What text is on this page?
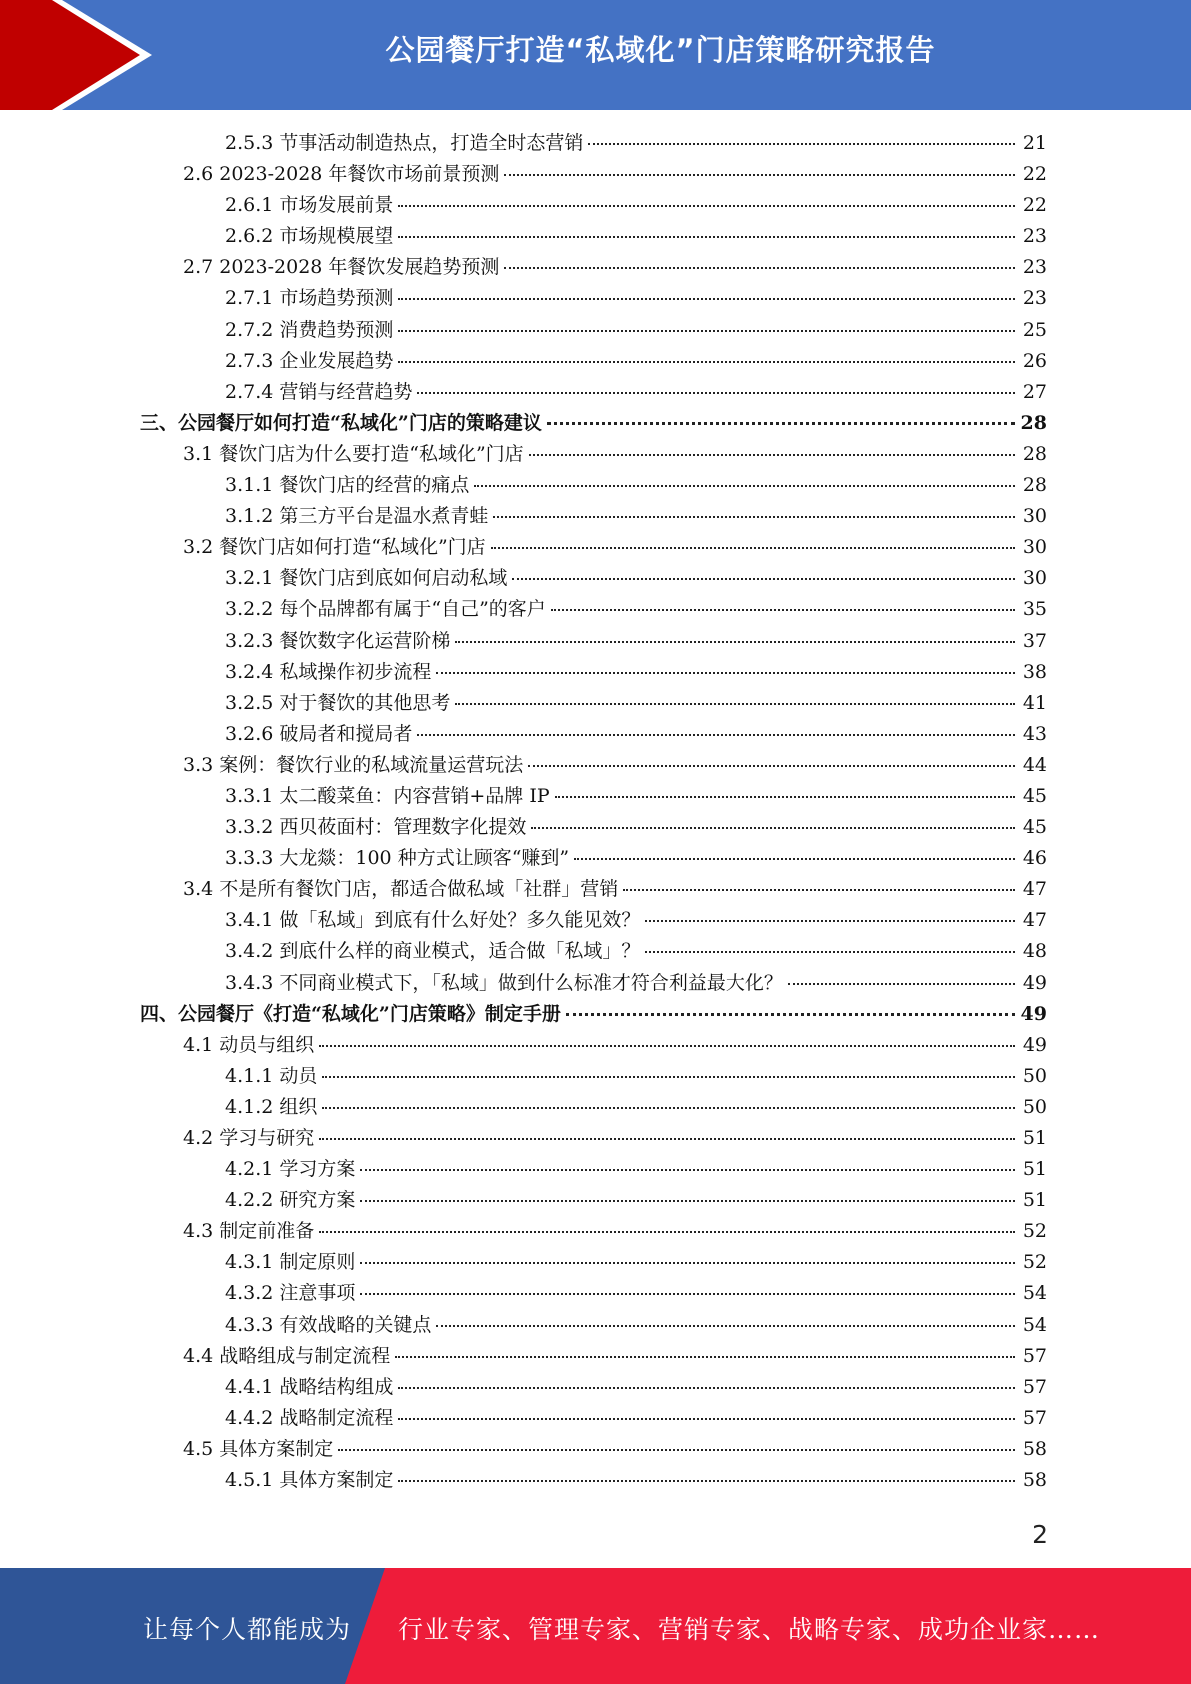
公园餐厅打造“私域化”门店策略研究报告
2.5.3 节事活动制造热点，打造全时态营销	21
2.6 2023-2028 年餐饮市场前景预测	22
2.6.1 市场发展前景	22
2.6.2 市场规模展望	23
2.7 2023-2028 年餐饮发展趋势预测	23
2.7.1 市场趋势预测	23
2.7.2 消费趋势预测	25
2.7.3 企业发展趋势	26
2.7.4 营销与经营趋势	27
三、公园餐厅如何打造“私域化”门店的策略建议	28
3.1 餐饮门店为什么要打造“私域化”门店	28
3.1.1 餐饮门店的经营的痛点	28
3.1.2 第三方平台是温水煮青蛙	30
3.2 餐饮门店如何打造“私域化”门店	30
3.2.1 餐饮门店到底如何启动私域	30
3.2.2 每个品牌都有属于“自己”的客户	35
3.2.3 餐饮数字化运营阶梯	37
3.2.4 私域操作初步流程	38
3.2.5 对于餐饮的其他思考	41
3.2.6 破局者和搅局者	43
3.3 案例：餐饮行业的私域流量运营玩法	44
3.3.1 太二酸菜鱼：内容营销+品牌 IP	45
3.3.2 西贝莜面村：管理数字化提效	45
3.3.3 大龙燚：100 种方式让顾客“赚到”	46
3.4 不是所有餐饮门店，都适合做私域「社群」营销	47
3.4.1 做「私域」到底有什么好处？多久能见效？	47
3.4.2 到底什么样的商业模式，适合做「私域」？	48
3.4.3 不同商业模式下，「私域」做到什么标准才符合利益最大化？	49
四、公园餐厅《打造“私域化”门店策略》制定手册	49
4.1 动员与组织	49
4.1.1 动员	50
4.1.2 组织	50
4.2 学习与研究	51
4.2.1 学习方案	51
4.2.2 研究方案	51
4.3 制定前准备	52
4.3.1 制定原则	52
4.3.2 注意事项	54
4.3.3 有效战略的关键点	54
4.4 战略组成与制定流程	57
4.4.1 战略结构组成	57
4.4.2 战略制定流程	57
4.5 具体方案制定	58
4.5.1 具体方案制定	58
2
让每个人都能成为 行业专家、管理专家、营销专家、战略专家、成功企业家……
